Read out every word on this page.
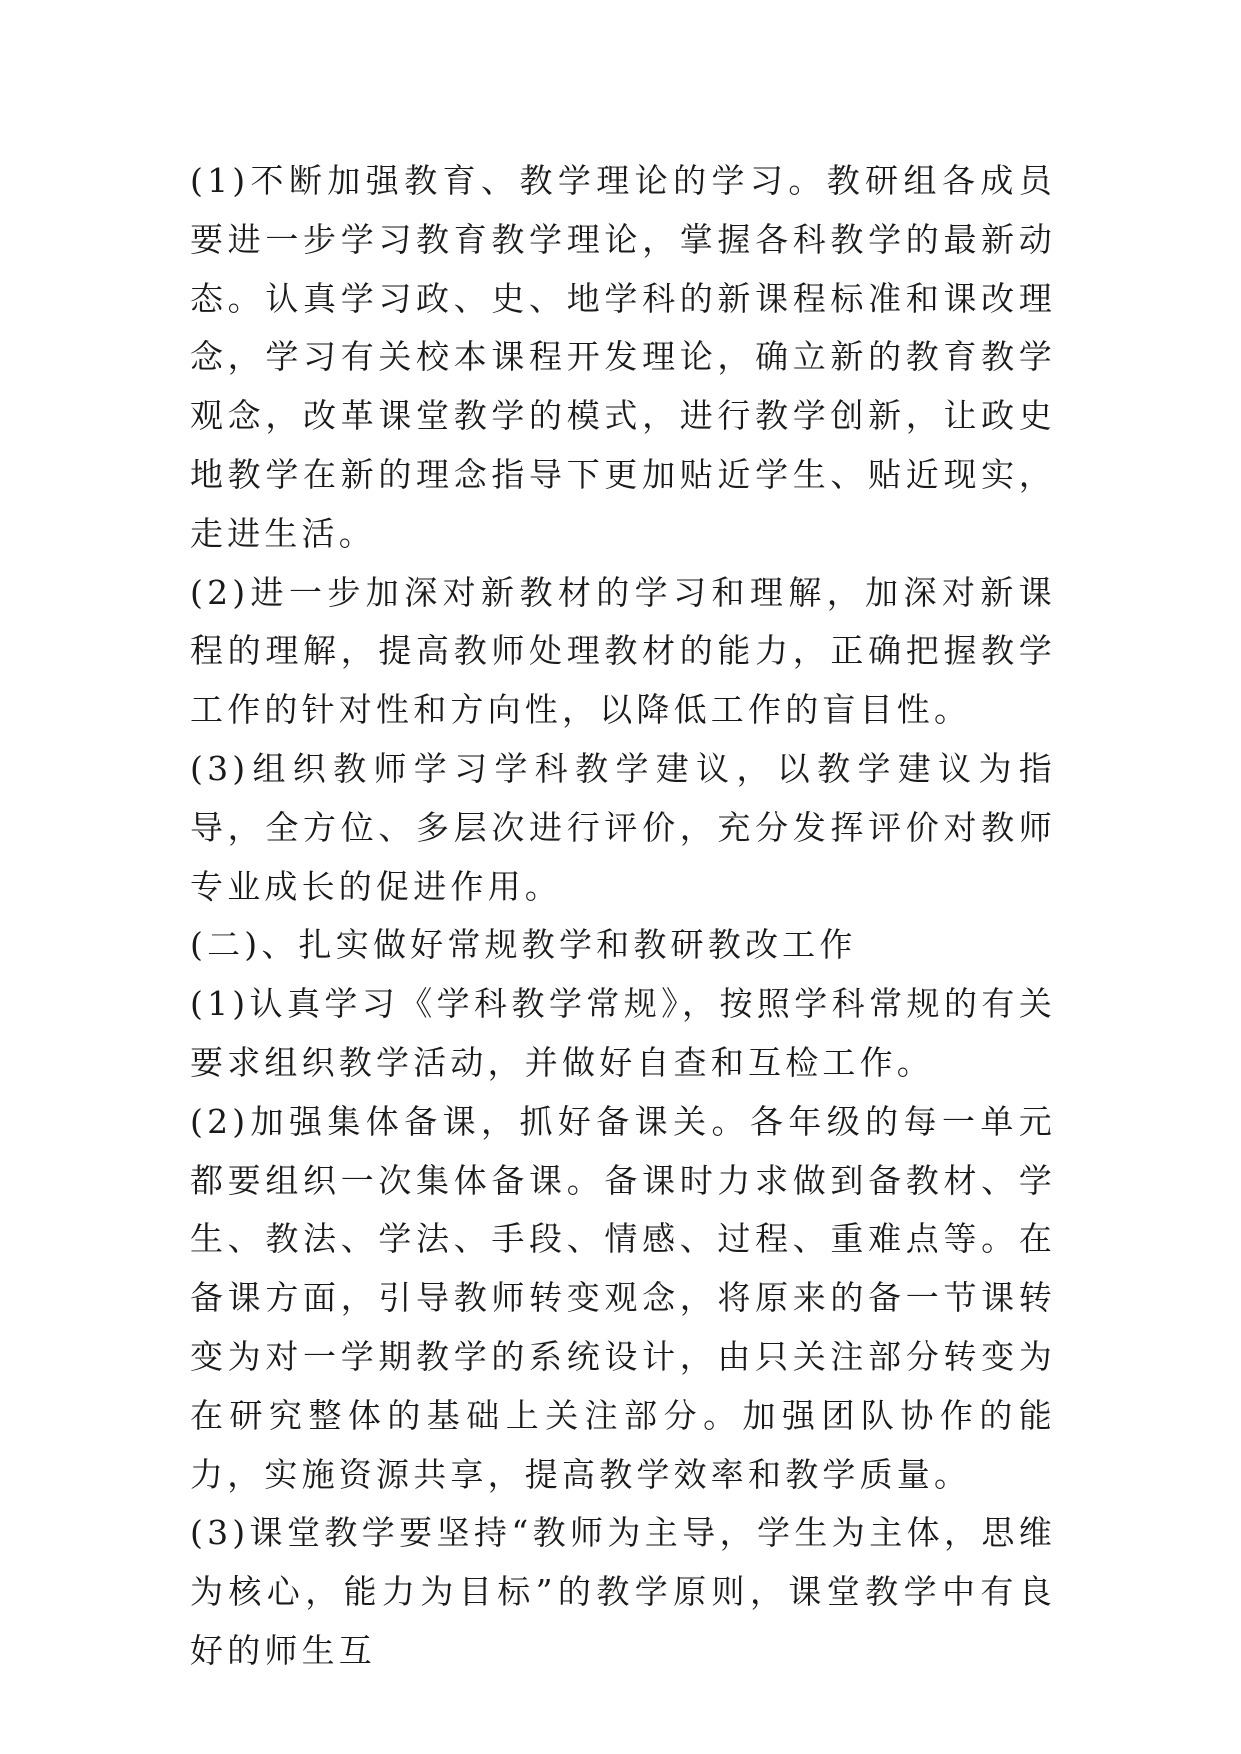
(1)不断加强教育、教学理论的学习。教研组各成员要进一步学习教育教学理论，掌握各科教学的最新动态。认真学习政、史、地学科的新课程标准和课改理念，学习有关校本课程开发理论，确立新的教育教学观念，改革课堂教学的模式，进行教学创新，让政史地教学在新的理念指导下更加贴近学生、贴近现实，走进生活。

(2)进一步加深对新教材的学习和理解，加深对新课程的理解，提高教师处理教材的能力，正确把握教学工作的针对性和方向性，以降低工作的盲目性。

(3)组织教师学习学科教学建议，以教学建议为指导，全方位、多层次进行评价，充分发挥评价对教师专业成长的促进作用。

(二)、扎实做好常规教学和教研教改工作

(1)认真学习《学科教学常规》，按照学科常规的有关要求组织教学活动，并做好自查和互检工作。

(2)加强集体备课，抓好备课关。各年级的每一单元都要组织一次集体备课。备课时力求做到备教材、学生、教法、学法、手段、情感、过程、重难点等。在备课方面，引导教师转变观念，将原来的备一节课转变为对一学期教学的系统设计，由只关注部分转变为在研究整体的基础上关注部分。加强团队协作的能力，实施资源共享，提高教学效率和教学质量。

(3)课堂教学要坚持“教师为主导，学生为主体，思维为核心，能力为目标”的教学原则，课堂教学中有良好的师生互
